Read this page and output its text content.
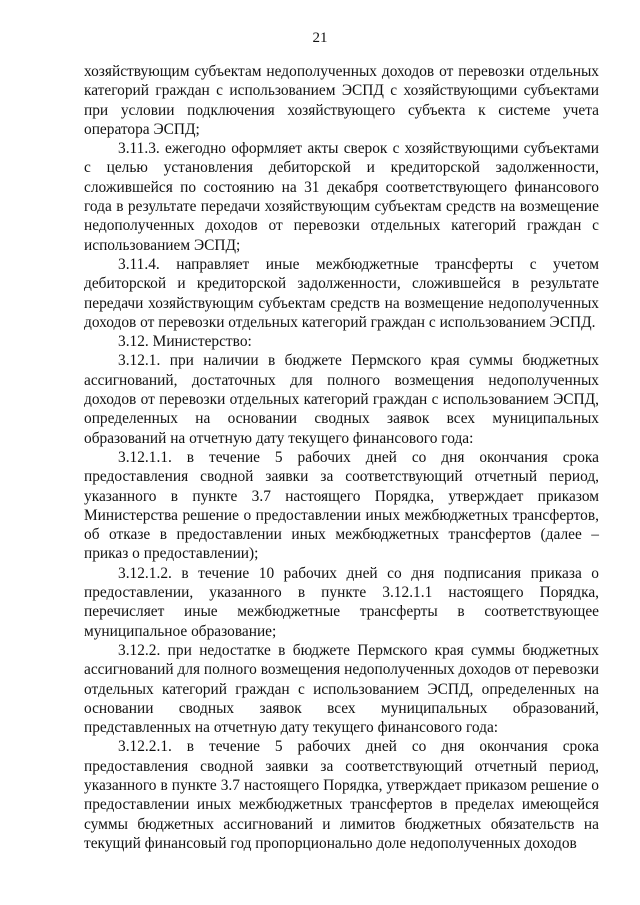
21

хозяйствующим субъектам недополученных доходов от перевозки отдельных категорий граждан с использованием ЭСПД с хозяйствующими субъектами при условии подключения хозяйствующего субъекта к системе учета оператора ЭСПД;

3.11.3. ежегодно оформляет акты сверок с хозяйствующими субъектами с целью установления дебиторской и кредиторской задолженности, сложившейся по состоянию на 31 декабря соответствующего финансового года в результате передачи хозяйствующим субъектам средств на возмещение недополученных доходов от перевозки отдельных категорий граждан с использованием ЭСПД;

3.11.4. направляет иные межбюджетные трансферты с учетом дебиторской и кредиторской задолженности, сложившейся в результате передачи хозяйствующим субъектам средств на возмещение недополученных доходов от перевозки отдельных категорий граждан с использованием ЭСПД.

3.12. Министерство:

3.12.1. при наличии в бюджете Пермского края суммы бюджетных ассигнований, достаточных для полного возмещения недополученных доходов от перевозки отдельных категорий граждан с использованием ЭСПД, определенных на основании сводных заявок всех муниципальных образований на отчетную дату текущего финансового года:

3.12.1.1. в течение 5 рабочих дней со дня окончания срока предоставления сводной заявки за соответствующий отчетный период, указанного в пункте 3.7 настоящего Порядка, утверждает приказом Министерства решение о предоставлении иных межбюджетных трансфертов, об отказе в предоставлении иных межбюджетных трансфертов (далее – приказ о предоставлении);

3.12.1.2. в течение 10 рабочих дней со дня подписания приказа о предоставлении, указанного в пункте 3.12.1.1 настоящего Порядка, перечисляет иные межбюджетные трансферты в соответствующее муниципальное образование;

3.12.2. при недостатке в бюджете Пермского края суммы бюджетных ассигнований для полного возмещения недополученных доходов от перевозки отдельных категорий граждан с использованием ЭСПД, определенных на основании сводных заявок всех муниципальных образований, представленных на отчетную дату текущего финансового года:

3.12.2.1. в течение 5 рабочих дней со дня окончания срока предоставления сводной заявки за соответствующий отчетный период, указанного в пункте 3.7 настоящего Порядка, утверждает приказом решение о предоставлении иных межбюджетных трансфертов в пределах имеющейся суммы бюджетных ассигнований и лимитов бюджетных обязательств на текущий финансовый год пропорционально доле недополученных доходов
